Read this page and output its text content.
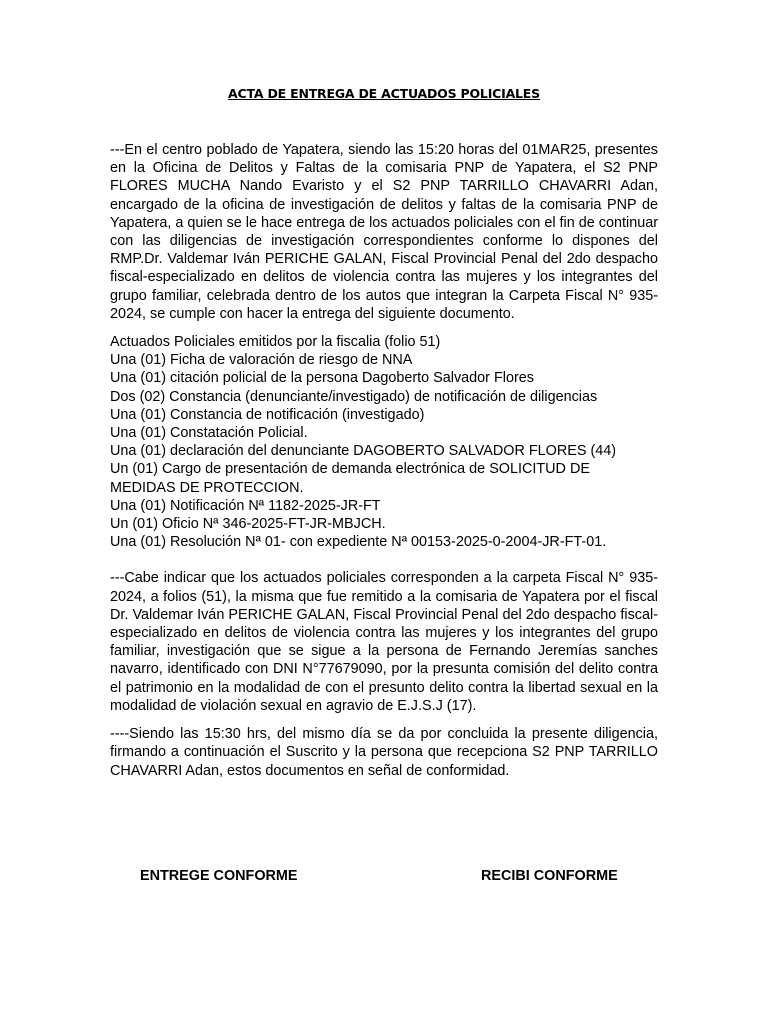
ACTA DE ENTREGA DE ACTUADOS POLICIALES

---En el centro poblado de Yapatera, siendo las 15:20 horas del 01MAR25, presentes en la Oficina de Delitos y Faltas de la comisaria PNP de Yapatera, el S2 PNP FLORES MUCHA Nando Evaristo y el S2 PNP TARRILLO CHAVARRI Adan, encargado de la oficina de investigación de delitos y faltas de la comisaria PNP de Yapatera, a quien se le hace entrega de los actuados policiales con el fin de continuar con las diligencias de investigación correspondientes conforme lo dispones del RMP.Dr. Valdemar Iván PERICHE GALAN, Fiscal Provincial Penal del 2do despacho fiscal-especializado en delitos de violencia contra las mujeres y los integrantes del grupo familiar, celebrada dentro de los autos que integran la Carpeta Fiscal N° 935-2024, se cumple con hacer la entrega del siguiente documento.

Actuados Policiales emitidos por la fiscalia (folio 51)
Una (01) Ficha de valoración de riesgo de NNA
Una (01) citación policial de la persona Dagoberto Salvador Flores
Dos (02) Constancia (denunciante/investigado) de notificación de diligencias
Una (01) Constancia de notificación (investigado)
Una (01) Constatación Policial.
Una (01) declaración del denunciante DAGOBERTO SALVADOR FLORES (44)
Un (01) Cargo de presentación de demanda electrónica de SOLICITUD DE MEDIDAS DE PROTECCION.
Una (01) Notificación Nª 1182-2025-JR-FT
Un (01) Oficio Nª 346-2025-FT-JR-MBJCH.
Una (01) Resolución Nª 01- con expediente Nª 00153-2025-0-2004-JR-FT-01.

---Cabe indicar que los actuados policiales corresponden a la carpeta Fiscal N° 935-2024, a folios (51), la misma que fue remitido a la comisaria de Yapatera por el fiscal Dr. Valdemar Iván PERICHE GALAN, Fiscal Provincial Penal del 2do despacho fiscal-especializado en delitos de violencia contra las mujeres y los integrantes del grupo familiar, investigación que se sigue a la persona de Fernando Jeremías sanches navarro, identificado con DNI N°77679090, por la presunta comisión del delito contra el patrimonio en la modalidad de con el presunto delito contra la libertad sexual en la modalidad de violación sexual en agravio de E.J.S.J (17).

----Siendo las 15:30 hrs, del mismo día se da por concluida la presente diligencia, firmando a continuación el Suscrito y la persona que recepciona S2 PNP TARRILLO CHAVARRI Adan, estos documentos en señal de conformidad.

ENTREGE CONFORME	RECIBI CONFORME
